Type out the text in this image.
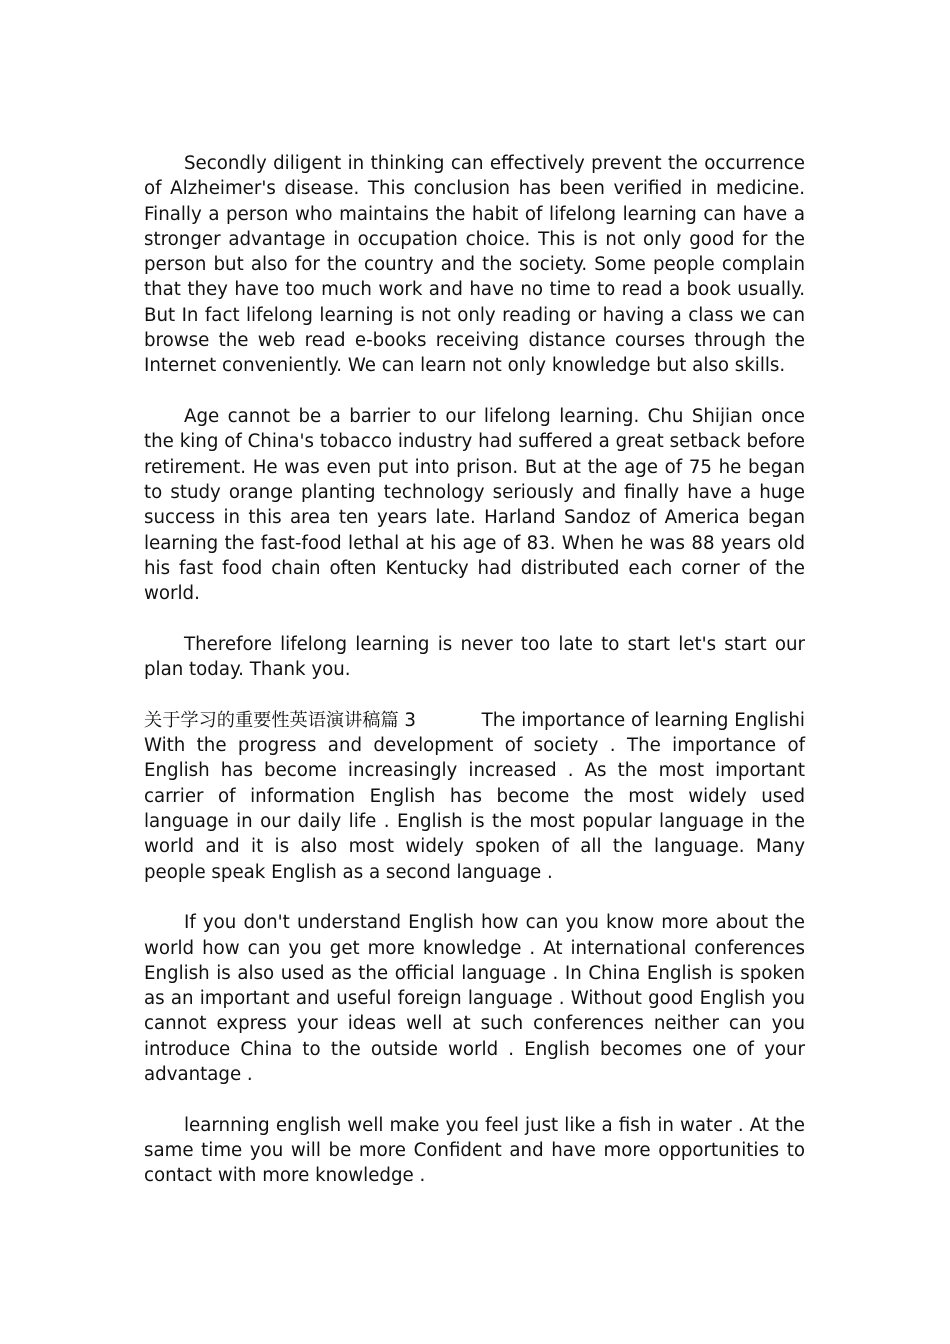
Secondly diligent in thinking can effectively prevent the occurrence of Alzheimer's disease. This conclusion has been verified in medicine. Finally a person who maintains the habit of lifelong learning can have a stronger advantage in occupation choice. This is not only good for the person but also for the country and the society. Some people complain that they have too much work and have no time to read a book usually. But In fact lifelong learning is not only reading or having a class we can browse the web read e-books receiving distance courses through the Internet conveniently. We can learn not only knowledge but also skills.

Age cannot be a barrier to our lifelong learning. Chu Shijian once the king of China's tobacco industry had suffered a great setback before retirement. He was even put into prison. But at the age of 75 he began to study orange planting technology seriously and finally have a huge success in this area ten years late. Harland Sandoz of America began learning the fast-food lethal at his age of 83. When he was 88 years old his fast food chain often Kentucky had distributed each corner of the world.

Therefore lifelong learning is never too late to start let's start our plan today. Thank you.

关于学习的重要性英语演讲稿篇 3	The importance of learning Englishi

With the progress and development of society . The importance of English has become increasingly increased . As the most important carrier of information English has become the most widely used language in our daily life . English is the most popular language in the world and it is also most widely spoken of all the language. Many people speak English as a second language .

If you don't understand English how can you know more about the world how can you get more knowledge . At international conferences English is also used as the official language . In China English is spoken as an important and useful foreign language . Without good English you cannot express your ideas well at such conferences neither can you introduce China to the outside world . English becomes one of your advantage .

learnning english well make you feel just like a fish in water . At the same time you will be more Confident and have more opportunities to contact with more knowledge .
